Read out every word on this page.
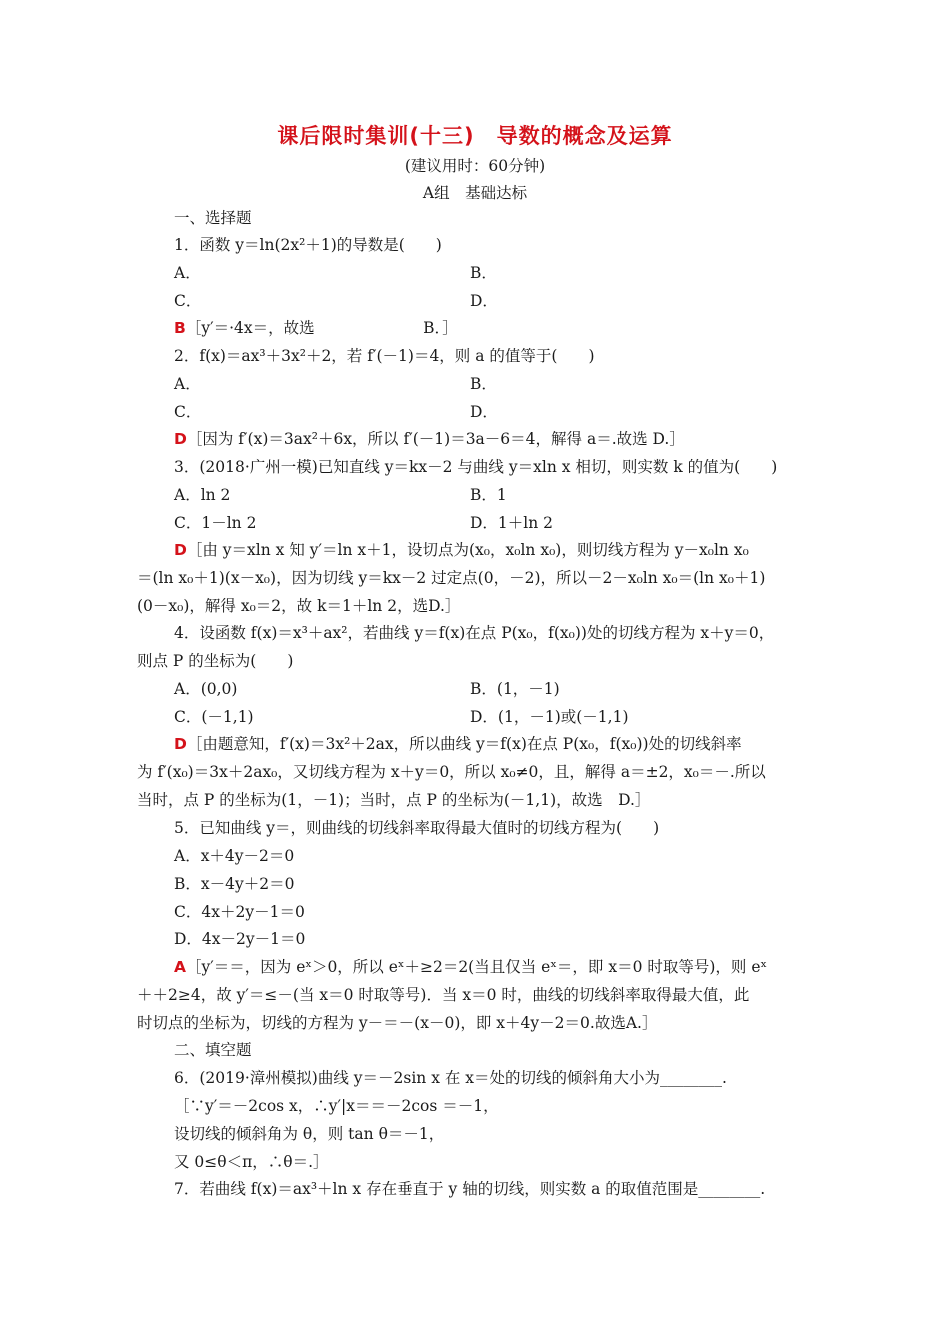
课后限时集训(十三)　导数的概念及运算
(建议用时：60分钟)
A组　基础达标
一、选择题
1．函数 y＝ln(2x²＋1)的导数是(　　)
A．	B．
C．	D．
B［y′＝·4x＝，故选　　　　　　　B．］
2．f(x)＝ax³＋3x²＋2，若 f′(－1)＝4，则 a 的值等于(　　)
A．	B．
C．	D．
D［因为 f′(x)＝3ax²＋6x，所以 f′(－1)＝3a－6＝4，解得 a＝.故选 D.］
3．(2018·广州一模)已知直线 y＝kx－2 与曲线 y＝xln x 相切，则实数 k 的值为(　　)
A．ln 2	B．1
C．1－ln 2	D．1＋ln 2
D［由 y＝xln x 知 y′＝ln x＋1，设切点为(x₀，x₀ln x₀)，则切线方程为 y－x₀ln x₀
＝(ln x₀＋1)(x－x₀)，因为切线 y＝kx－2 过定点(0，－2)，所以－2－x₀ln x₀＝(ln x₀＋1)
(0－x₀)，解得 x₀＝2，故 k＝1＋ln 2，选D.］
4．设函数 f(x)＝x³＋ax²，若曲线 y＝f(x)在点 P(x₀，f(x₀))处的切线方程为 x＋y＝0，
则点 P 的坐标为(　　)
A．(0,0)	B．(1，－1)
C．(－1,1)	D．(1，－1)或(－1,1)
D［由题意知，f′(x)＝3x²＋2ax，所以曲线 y＝f(x)在点 P(x₀，f(x₀))处的切线斜率
为 f′(x₀)＝3x＋2ax₀，又切线方程为 x＋y＝0，所以 x₀≠0，且，解得 a＝±2，x₀＝－.所以
当时，点 P 的坐标为(1，－1)；当时，点 P 的坐标为(－1,1)，故选　D.］
5．已知曲线 y＝，则曲线的切线斜率取得最大值时的切线方程为(　　)
A．x＋4y－2＝0
B．x－4y＋2＝0
C．4x＋2y－1＝0
D．4x－2y－1＝0
A［y′＝＝，因为 eˣ＞0，所以 eˣ＋≥2＝2(当且仅当 eˣ＝，即 x＝0 时取等号)，则 eˣ
＋＋2≥4，故 y′＝≤－(当 x＝0 时取等号)．当 x＝0 时，曲线的切线斜率取得最大值，此
时切点的坐标为，切线的方程为 y－＝－(x－0)，即 x＋4y－2＝0.故选A.］
二、填空题
6．(2019·漳州模拟)曲线 y＝－2sin x 在 x＝处的切线的倾斜角大小为________.
［∵y′＝－2cos x，∴y′|x＝＝－2cos ＝－1，
设切线的倾斜角为 θ，则 tan θ＝－1，
又 0≤θ＜π，∴θ＝.］
7．若曲线 f(x)＝ax³＋ln x 存在垂直于 y 轴的切线，则实数 a 的取值范围是________.
